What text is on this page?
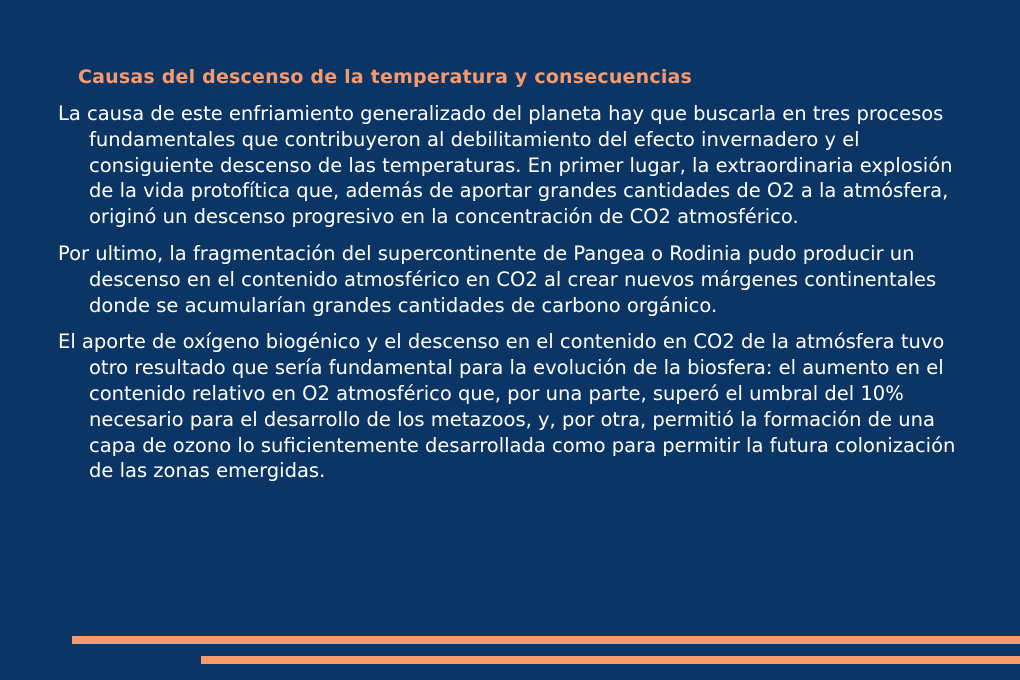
Causas del descenso de la temperatura y consecuencias

La causa de este enfriamiento generalizado del planeta hay que buscarla en tres procesos fundamentales que contribuyeron al debilitamiento del efecto invernadero y el consiguiente descenso de las temperaturas. En primer lugar, la extraordinaria explosión de la vida protofítica que, además de aportar grandes cantidades de O2 a la atmósfera, originó un descenso progresivo en la concentración de CO2 atmosférico.

Por ultimo, la fragmentación del supercontinente de Pangea o Rodinia pudo producir un descenso en el contenido atmosférico en CO2 al crear nuevos márgenes continentales donde se acumularían grandes cantidades de carbono orgánico.

El aporte de oxígeno biogénico y el descenso en el contenido en CO2 de la atmósfera tuvo otro resultado que sería fundamental para la evolución de la biosfera: el aumento en el contenido relativo en O2 atmosférico que, por una parte, superó el umbral del 10% necesario para el desarrollo de los metazoos, y, por otra, permitió la formación de una capa de ozono lo suficientemente desarrollada como para permitir la futura colonización de las zonas emergidas.
